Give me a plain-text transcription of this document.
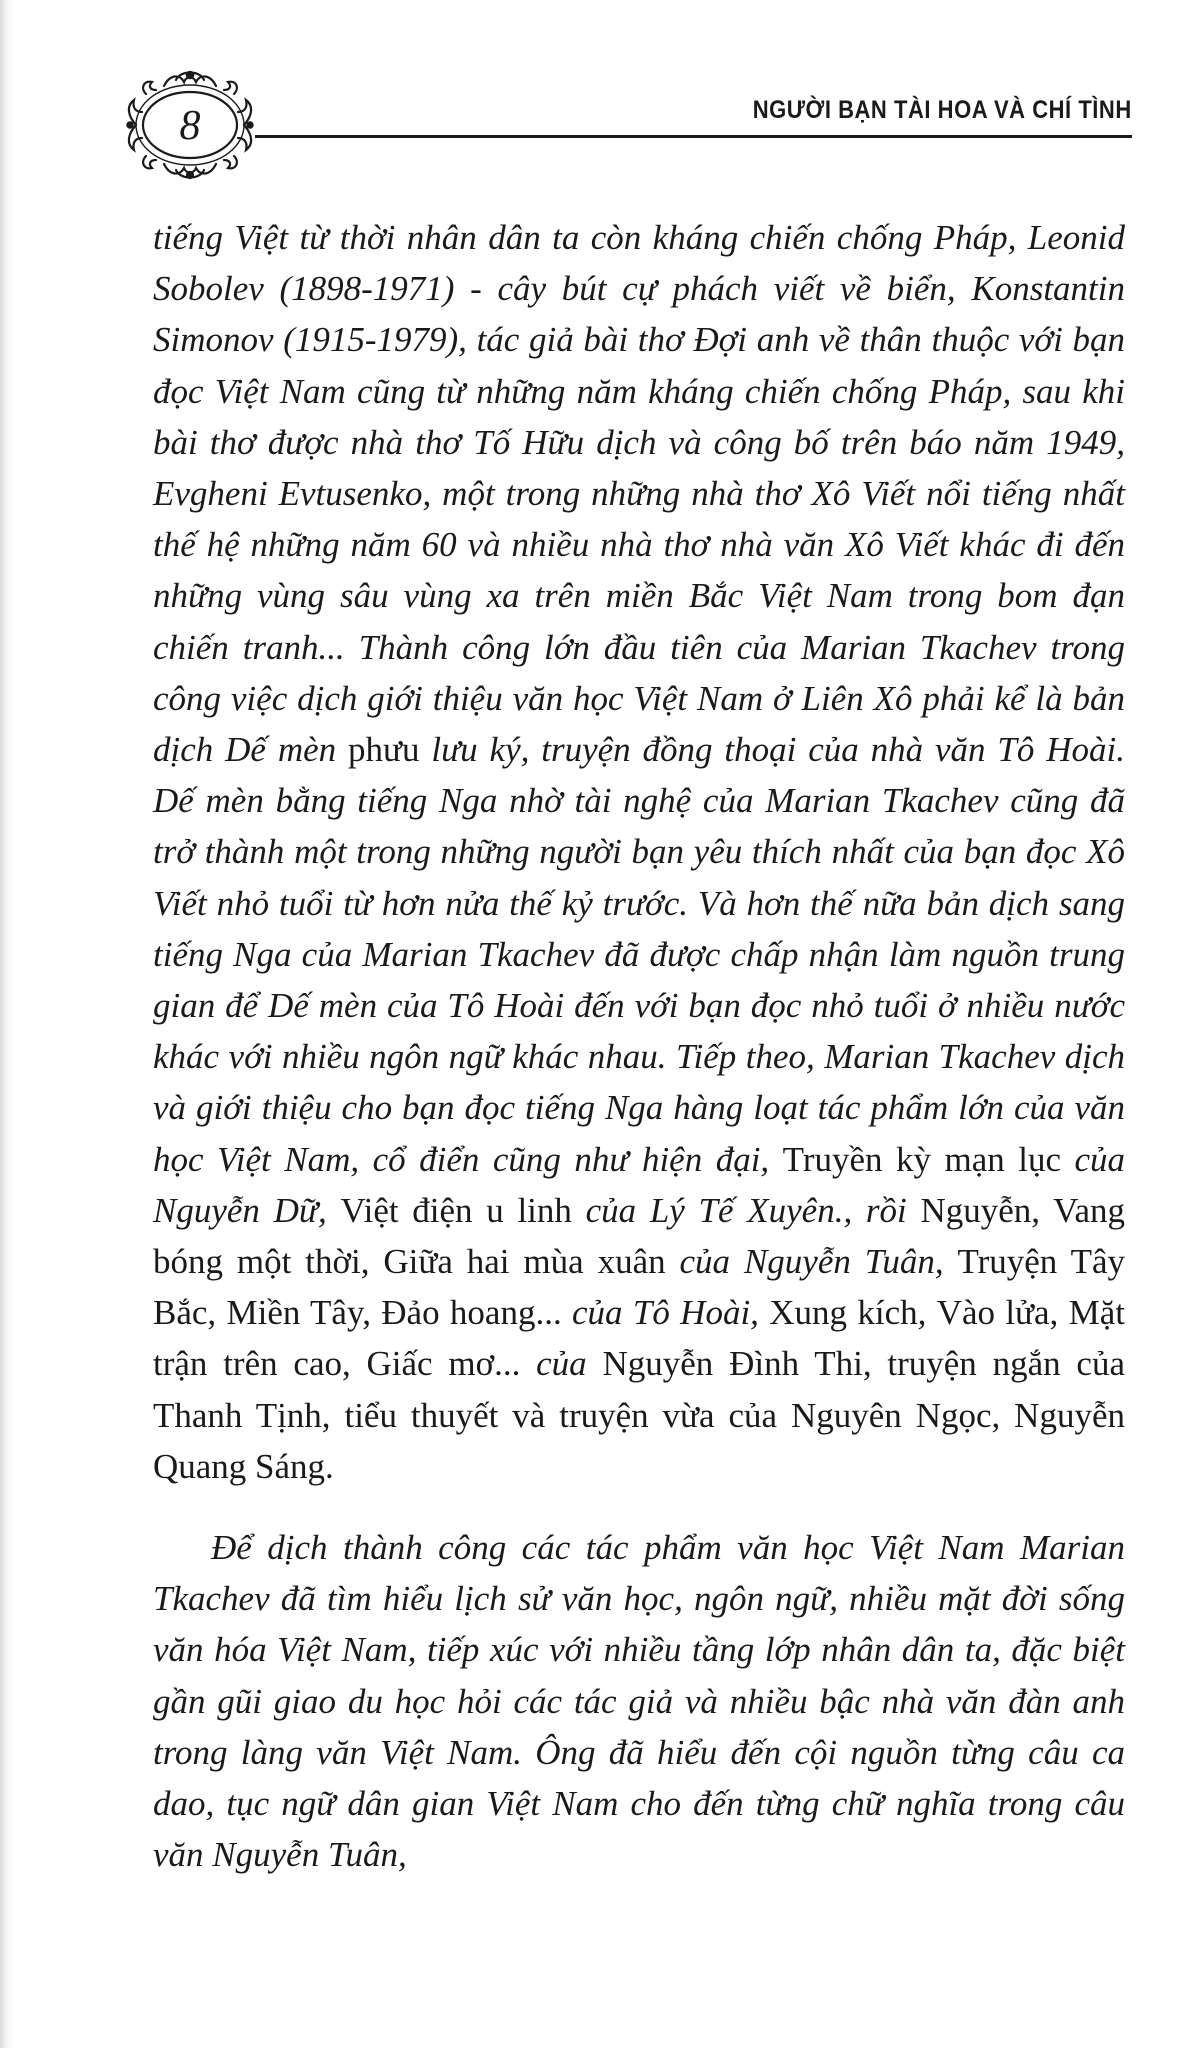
8	NGƯỜI BẠN TÀI HOA VÀ CHÍ TÌNH

tiếng Việt từ thời nhân dân ta còn kháng chiến chống Pháp, Leonid Sobolev (1898-1971) - cây bút cự phách viết về biển, Konstantin Simonov (1915-1979), tác giả bài thơ Đợi anh về thân thuộc với bạn đọc Việt Nam cũng từ những năm kháng chiến chống Pháp, sau khi bài thơ được nhà thơ Tố Hữu dịch và công bố trên báo năm 1949, Evgheni Evtusenko, một trong những nhà thơ Xô Viết nổi tiếng nhất thế hệ những năm 60 và nhiều nhà thơ nhà văn Xô Viết khác đi đến những vùng sâu vùng xa trên miền Bắc Việt Nam trong bom đạn chiến tranh... Thành công lớn đầu tiên của Marian Tkachev trong công việc dịch giới thiệu văn học Việt Nam ở Liên Xô phải kể là bản dịch Dế mèn phưu lưu ký, truyện đồng thoại của nhà văn Tô Hoài. Dế mèn bằng tiếng Nga nhờ tài nghệ của Marian Tkachev cũng đã trở thành một trong những người bạn yêu thích nhất của bạn đọc Xô Viết nhỏ tuổi từ hơn nửa thế kỷ trước. Và hơn thế nữa bản dịch sang tiếng Nga của Marian Tkachev đã được chấp nhận làm nguồn trung gian để Dế mèn của Tô Hoài đến với bạn đọc nhỏ tuổi ở nhiều nước khác với nhiều ngôn ngữ khác nhau. Tiếp theo, Marian Tkachev dịch và giới thiệu cho bạn đọc tiếng Nga hàng loạt tác phẩm lớn của văn học Việt Nam, cổ điển cũng như hiện đại, Truyền kỳ mạn lục của Nguyễn Dữ, Việt điện u linh của Lý Tế Xuyên., rồi Nguyễn, Vang bóng một thời, Giữa hai mùa xuân của Nguyễn Tuân, Truyện Tây Bắc, Miền Tây, Đảo hoang... của Tô Hoài, Xung kích, Vào lửa, Mặt trận trên cao, Giấc mơ... của Nguyễn Đình Thi, truyện ngắn của Thanh Tịnh, tiểu thuyết và truyện vừa của Nguyên Ngọc, Nguyễn Quang Sáng.

Để dịch thành công các tác phẩm văn học Việt Nam Marian Tkachev đã tìm hiểu lịch sử văn học, ngôn ngữ, nhiều mặt đời sống văn hóa Việt Nam, tiếp xúc với nhiều tầng lớp nhân dân ta, đặc biệt gần gũi giao du học hỏi các tác giả và nhiều bậc nhà văn đàn anh trong làng văn Việt Nam. Ông đã hiểu đến cội nguồn từng câu ca dao, tục ngữ dân gian Việt Nam cho đến từng chữ nghĩa trong câu văn Nguyễn Tuân,
